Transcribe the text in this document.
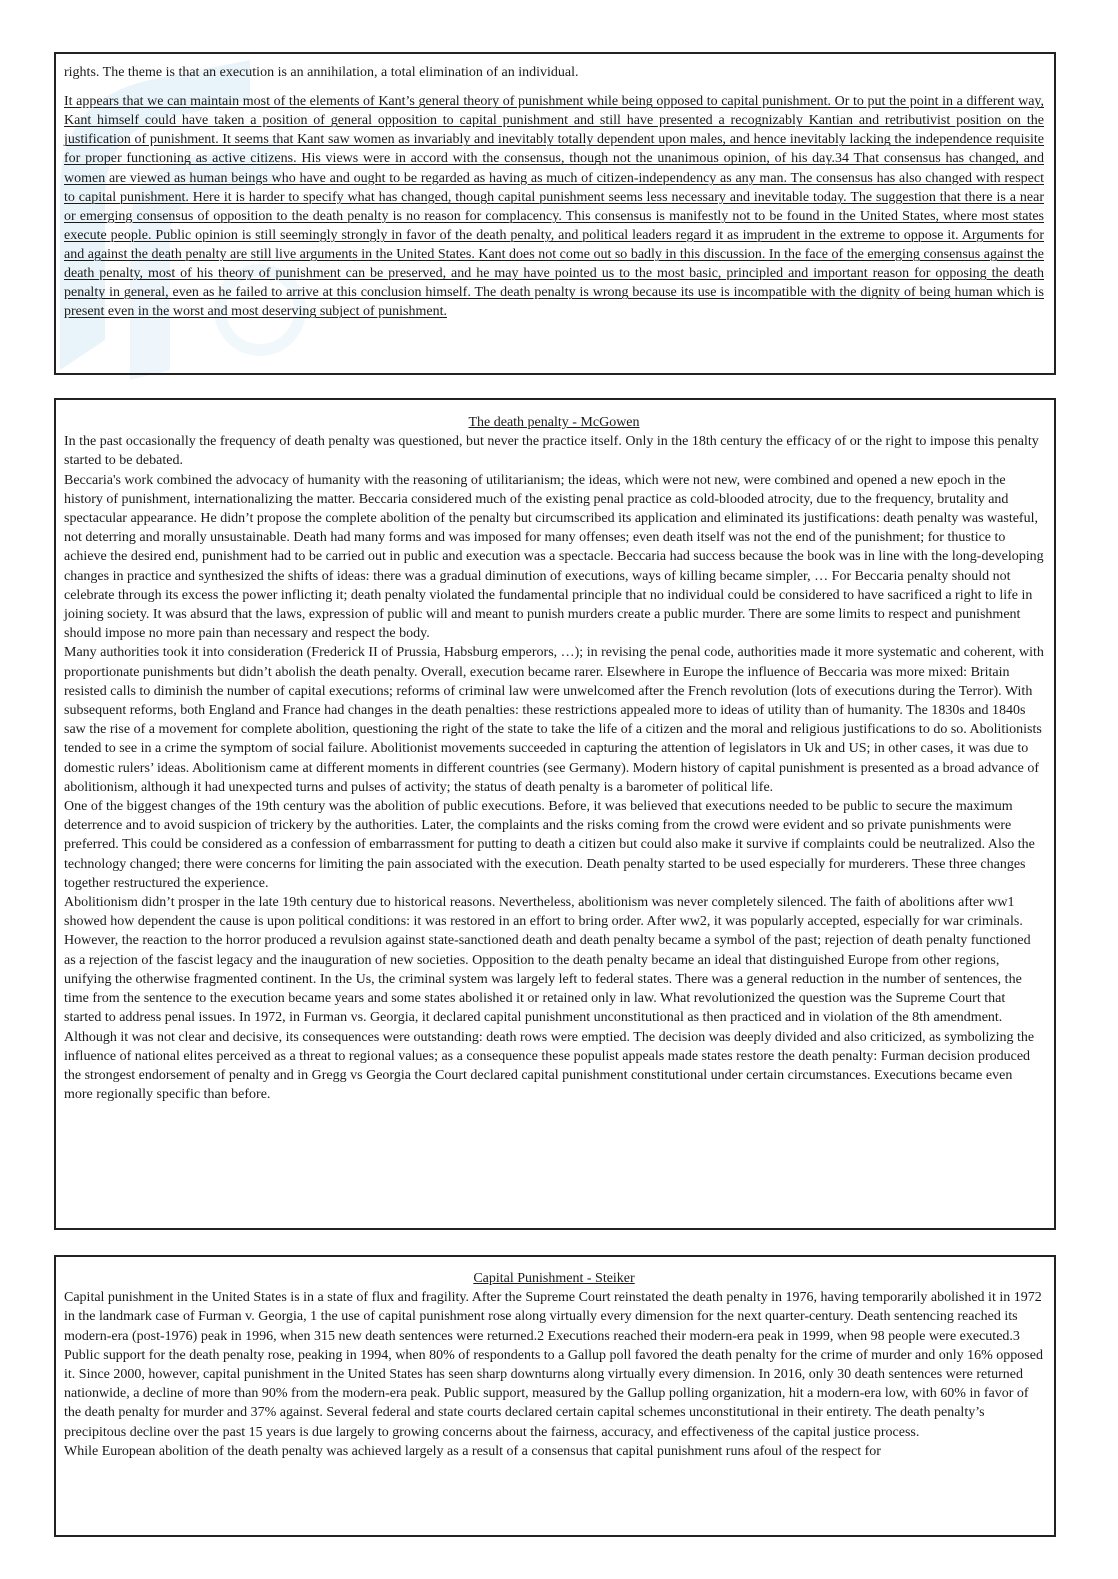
rights. The theme is that an execution is an annihilation, a total elimination of an individual.

It appears that we can maintain most of the elements of Kant’s general theory of punishment while being opposed to capital punishment. Or to put the point in a different way, Kant himself could have taken a position of general opposition to capital punishment and still have presented a recognizably Kantian and retributivist position on the justification of punishment. It seems that Kant saw women as invariably and inevitably totally dependent upon males, and hence inevitably lacking the independence requisite for proper functioning as active citizens. His views were in accord with the consensus, though not the unanimous opinion, of his day.34 That consensus has changed, and women are viewed as human beings who have and ought to be regarded as having as much of citizen-independency as any man. The consensus has also changed with respect to capital punishment. Here it is harder to specify what has changed, though capital punishment seems less necessary and inevitable today. The suggestion that there is a near or emerging consensus of opposition to the death penalty is no reason for complacency. This consensus is manifestly not to be found in the United States, where most states execute people. Public opinion is still seemingly strongly in favor of the death penalty, and political leaders regard it as imprudent in the extreme to oppose it. Arguments for and against the death penalty are still live arguments in the United States. Kant does not come out so badly in this discussion. In the face of the emerging consensus against the death penalty, most of his theory of punishment can be preserved, and he may have pointed us to the most basic, principled and important reason for opposing the death penalty in general, even as he failed to arrive at this conclusion himself. The death penalty is wrong because its use is incompatible with the dignity of being human which is present even in the worst and most deserving subject of punishment.

The death penalty - McGowen

In the past occasionally the frequency of death penalty was questioned, but never the practice itself. Only in the 18th century the efficacy of or the right to impose this penalty started to be debated.

Beccaria's work combined the advocacy of humanity with the reasoning of utilitarianism; the ideas, which were not new, were combined and opened a new epoch in the history of punishment, internationalizing the matter. Beccaria considered much of the existing penal practice as cold-blooded atrocity, due to the frequency, brutality and spectacular appearance. He didn’t propose the complete abolition of the penalty but circumscribed its application and eliminated its justifications: death penalty was wasteful, not deterring and morally unsustainable. Death had many forms and was imposed for many offenses; even death itself was not the end of the punishment; for thustice to achieve the desired end, punishment had to be carried out in public and execution was a spectacle. Beccaria had success because the book was in line with the long-developing changes in practice and synthesized the shifts of ideas: there was a gradual diminution of executions, ways of killing became simpler, … For Beccaria penalty should not celebrate through its excess the power inflicting it; death penalty violated the fundamental principle that no individual could be considered to have sacrificed a right to life in joining society. It was absurd that the laws, expression of public will and meant to punish murders create a public murder. There are some limits to respect and punishment should impose no more pain than necessary and respect the body.

Many authorities took it into consideration (Frederick II of Prussia, Habsburg emperors, …); in revising the penal code, authorities made it more systematic and coherent, with proportionate punishments but didn’t abolish the death penalty. Overall, execution became rarer. Elsewhere in Europe the influence of Beccaria was more mixed: Britain resisted calls to diminish the number of capital executions; reforms of criminal law were unwelcomed after the French revolution (lots of executions during the Terror). With subsequent reforms, both England and France had changes in the death penalties: these restrictions appealed more to ideas of utility than of humanity. The 1830s and 1840s saw the rise of a movement for complete abolition, questioning the right of the state to take the life of a citizen and the moral and religious justifications to do so. Abolitionists tended to see in a crime the symptom of social failure. Abolitionist movements succeeded in capturing the attention of legislators in Uk and US; in other cases, it was due to domestic rulers’ ideas. Abolitionism came at different moments in different countries (see Germany). Modern history of capital punishment is presented as a broad advance of abolitionism, although it had unexpected turns and pulses of activity; the status of death penalty is a barometer of political life.

One of the biggest changes of the 19th century was the abolition of public executions. Before, it was believed that executions needed to be public to secure the maximum deterrence and to avoid suspicion of trickery by the authorities. Later, the complaints and the risks coming from the crowd were evident and so private punishments were preferred. This could be considered as a confession of embarrassment for putting to death a citizen but could also make it survive if complaints could be neutralized. Also the technology changed; there were concerns for limiting the pain associated with the execution. Death penalty started to be used especially for murderers. These three changes together restructured the experience.

Abolitionism didn’t prosper in the late 19th century due to historical reasons. Nevertheless, abolitionism was never completely silenced. The faith of abolitions after ww1 showed how dependent the cause is upon political conditions: it was restored in an effort to bring order. After ww2, it was popularly accepted, especially for war criminals. However, the reaction to the horror produced a revulsion against state-sanctioned death and death penalty became a symbol of the past; rejection of death penalty functioned as a rejection of the fascist legacy and the inauguration of new societies. Opposition to the death penalty became an ideal that distinguished Europe from other regions, unifying the otherwise fragmented continent. In the Us, the criminal system was largely left to federal states. There was a general reduction in the number of sentences, the time from the sentence to the execution became years and some states abolished it or retained only in law. What revolutionized the question was the Supreme Court that started to address penal issues. In 1972, in Furman vs. Georgia, it declared capital punishment unconstitutional as then practiced and in violation of the 8th amendment. Although it was not clear and decisive, its consequences were outstanding: death rows were emptied. The decision was deeply divided and also criticized, as symbolizing the influence of national elites perceived as a threat to regional values; as a consequence these populist appeals made states restore the death penalty: Furman decision produced the strongest endorsement of penalty and in Gregg vs Georgia the Court declared capital punishment constitutional under certain circumstances. Executions became even more regionally specific than before.

Capital Punishment - Steiker

Capital punishment in the United States is in a state of flux and fragility. After the Supreme Court reinstated the death penalty in 1976, having temporarily abolished it in 1972 in the landmark case of Furman v. Georgia, 1 the use of capital punishment rose along virtually every dimension for the next quarter-century. Death sentencing reached its modern-era (post-1976) peak in 1996, when 315 new death sentences were returned.2 Executions reached their modern-era peak in 1999, when 98 people were executed.3 Public support for the death penalty rose, peaking in 1994, when 80% of respondents to a Gallup poll favored the death penalty for the crime of murder and only 16% opposed it. Since 2000, however, capital punishment in the United States has seen sharp downturns along virtually every dimension. In 2016, only 30 death sentences were returned nationwide, a decline of more than 90% from the modern-era peak. Public support, measured by the Gallup polling organization, hit a modern-era low, with 60% in favor of the death penalty for murder and 37% against. Several federal and state courts declared certain capital schemes unconstitutional in their entirety. The death penalty’s precipitous decline over the past 15 years is due largely to growing concerns about the fairness, accuracy, and effectiveness of the capital justice process.

While European abolition of the death penalty was achieved largely as a result of a consensus that capital punishment runs afoul of the respect for
